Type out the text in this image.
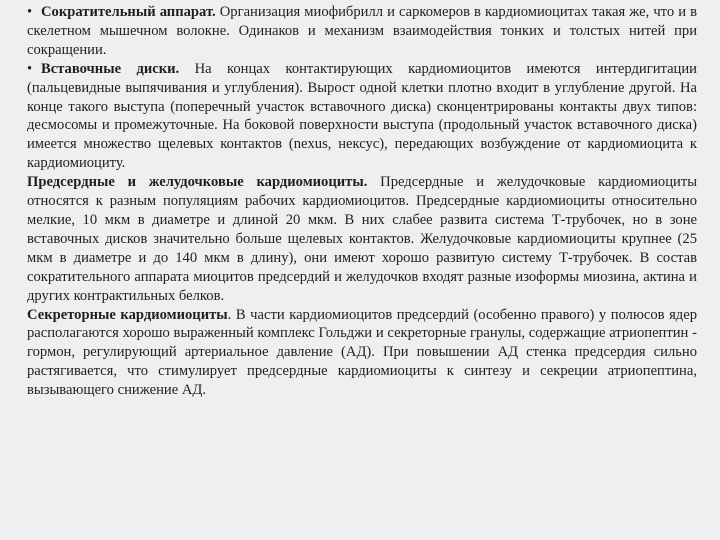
• Сократительный аппарат. Организация миофибрилл и саркомеров в кардиомиоцитах такая же, что и в скелетном мышечном волокне. Одинаков и механизм взаимодействия тонких и толстых нитей при сокращении.

• Вставочные диски. На концах контактирующих кардиомиоцитов имеются интердигитации (пальцевидные выпячивания и углубления). Вырост одной клетки плотно входит в углубление другой. На конце такого выступа (поперечный участок вставочного диска) сконцентрированы контакты двух типов: десмосомы и промежуточные. На боковой поверхности выступа (продольный участок вставочного диска) имеется множество щелевых контактов (nexus, нексус), передающих возбуждение от кардиомиоцита к кардиомиоциту.

Предсердные и желудочковые кардиомиоциты. Предсердные и желудочковые кардиомиоциты относятся к разным популяциям рабочих кардиомиоцитов. Предсердные кардиомиоциты относительно мелкие, 10 мкм в диаметре и длиной 20 мкм. В них слабее развита система Т-трубочек, но в зоне вставочных дисков значительно больше щелевых контактов. Желудочковые кардиомиоциты крупнее (25 мкм в диаметре и до 140 мкм в длину), они имеют хорошо развитую систему Т-трубочек. В состав сократительного аппарата миоцитов предсердий и желудочков входят разные изоформы миозина, актина и других контрактильных белков.

Секреторные кардиомиоциты. В части кардиомиоцитов предсердий (особенно правого) у полюсов ядер располагаются хорошо выраженный комплекс Гольджи и секреторные гранулы, содержащие атриопептин - гормон, регулирующий артериальное давление (АД). При повышении АД стенка предсердия сильно растягивается, что стимулирует предсердные кардиомиоциты к синтезу и секреции атриопептина, вызывающего снижение АД.
